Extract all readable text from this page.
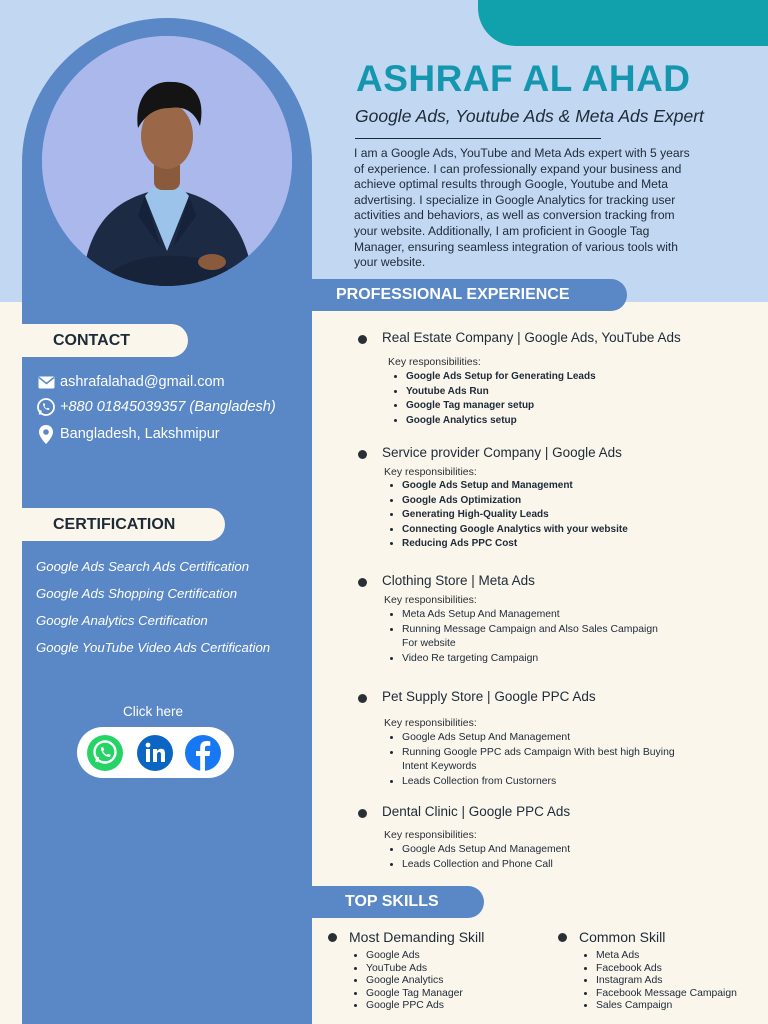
ASHRAF AL AHAD
Google Ads, Youtube Ads & Meta Ads Expert
I am a Google Ads, YouTube and Meta Ads expert with 5 years
of experience. I can professionally expand your business and
achieve optimal results through Google, Youtube and Meta
advertising. I specialize in Google Analytics for tracking user
activities and behaviors, as well as conversion tracking from
your website. Additionally, I am proficient in Google Tag
Manager, ensuring seamless integration of various tools with
your website.
CONTACT
ashrafalahad@gmail.com
+880 01845039357 (Bangladesh)
Bangladesh, Lakshmipur
CERTIFICATION
Google Ads Search Ads Certification
Google Ads Shopping Certification
Google Analytics Certification
Google YouTube Video Ads Certification
Click here
PROFESSIONAL EXPERIENCE
Real Estate Company | Google Ads, YouTube Ads
Key responsibilities:
• Google Ads Setup for Generating Leads
• Youtube Ads Run
• Google Tag manager setup
• Google Analytics setup
Service provider Company | Google Ads
Key responsibilities:
• Google Ads Setup and Management
• Google Ads Optimization
• Generating High-Quality Leads
• Connecting Google Analytics with your website
• Reducing Ads PPC Cost
Clothing Store | Meta Ads
Key responsibilities:
• Meta Ads Setup And Management
• Running Message Campaign and Also Sales Campaign
For website
• Video Re targeting Campaign
Pet Supply Store | Google PPC Ads
Key responsibilities:
• Google Ads Setup And Management
• Running Google PPC ads Campaign With best high Buying
Intent Keywords
• Leads Collection from Custorners
Dental Clinic | Google PPC Ads
Key responsibilities:
• Google Ads Setup And Management
• Leads Collection and Phone Call
TOP SKILLS
Most Demanding Skill
• Google Ads
• YouTube Ads
• Google Analytics
• Google Tag Manager
• Google PPC Ads
Common Skill
• Meta Ads
• Facebook Ads
• Instagram Ads
• Facebook Message Campaign
• Sales Campaign
